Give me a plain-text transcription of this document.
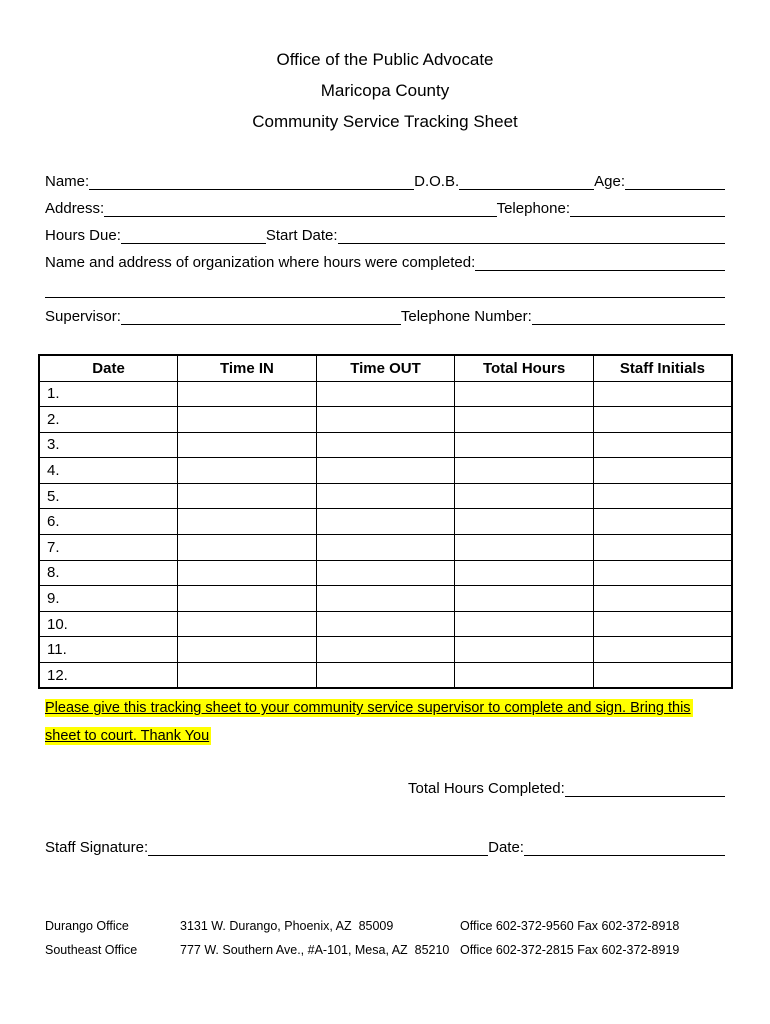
Office of the Public Advocate
Maricopa County
Community Service Tracking Sheet
Name:	D.O.B.	Age:
Address:	Telephone:
Hours Due:	Start Date:
Name and address of organization where hours were completed:
Supervisor:	Telephone Number:
Date	Time IN	Time OUT	Total Hours	Staff Initials
1.				
2.				
3.				
4.				
5.				
6.				
7.				
8.				
9.				
10.				
11.				
12.				
Please give this tracking sheet to your community service supervisor to complete and sign. Bring this
sheet to court. Thank You
Total Hours Completed:
Staff Signature:	Date:
Durango Office	3131 W. Durango, Phoenix, AZ  85009	Office 602-372-9560 Fax 602-372-8918
Southeast Office	777 W. Southern Ave., #A-101, Mesa, AZ  85210 Office 602-372-2815 Fax 602-372-8919
